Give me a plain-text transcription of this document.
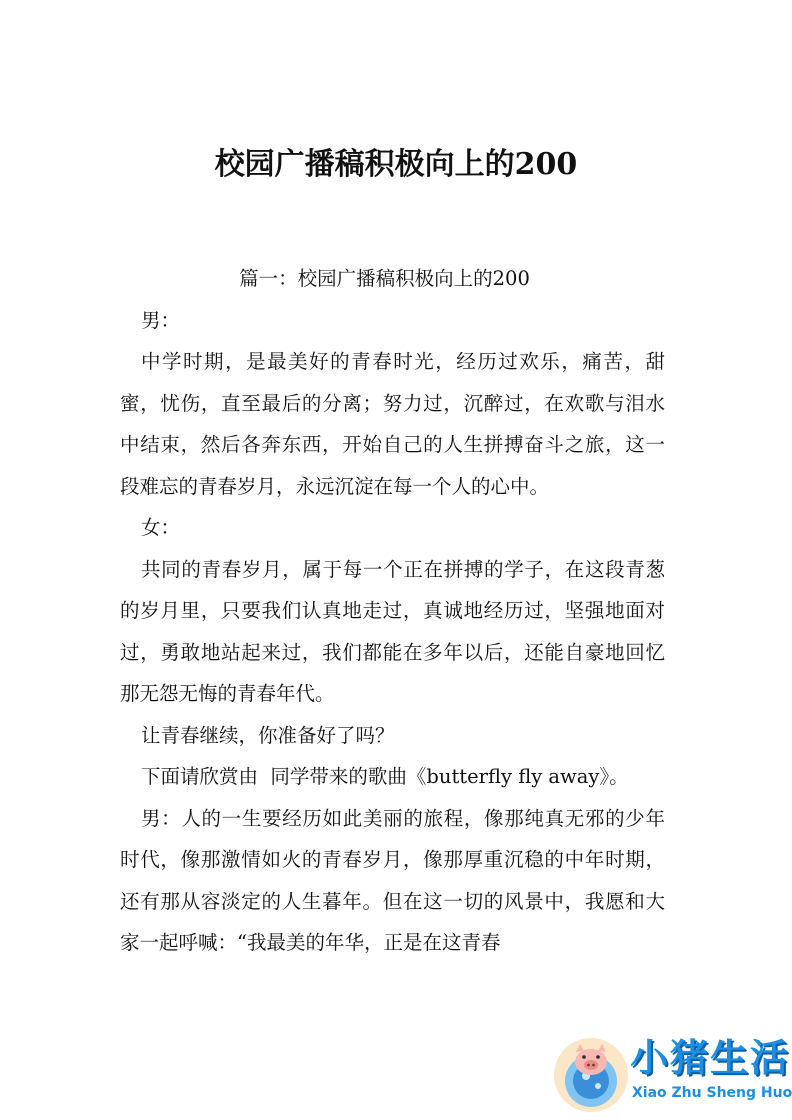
校园广播稿积极向上的200
篇一：校园广播稿积极向上的200

男：

中学时期，是最美好的青春时光，经历过欢乐，痛苦，甜蜜，忧伤，直至最后的分离；努力过，沉醉过，在欢歌与泪水中结束，然后各奔东西，开始自己的人生拼搏奋斗之旅，这一段难忘的青春岁月，永远沉淀在每一个人的心中。

女：

共同的青春岁月，属于每一个正在拼搏的学子，在这段青葱的岁月里，只要我们认真地走过，真诚地经历过，坚强地面对过，勇敢地站起来过，我们都能在多年以后，还能自豪地回忆那无怨无悔的青春年代。

让青春继续，你准备好了吗？

下面请欣赏由  同学带来的歌曲《butterfly fly away》。

男：人的一生要经历如此美丽的旅程，像那纯真无邪的少年时代，像那激情如火的青春岁月，像那厚重沉稳的中年时期，还有那从容淡定的人生暮年。但在这一切的风景中，我愿和大家一起呼喊：“我最美的年华，正是在这青春

小猪生活
Xiao Zhu Sheng Huo
